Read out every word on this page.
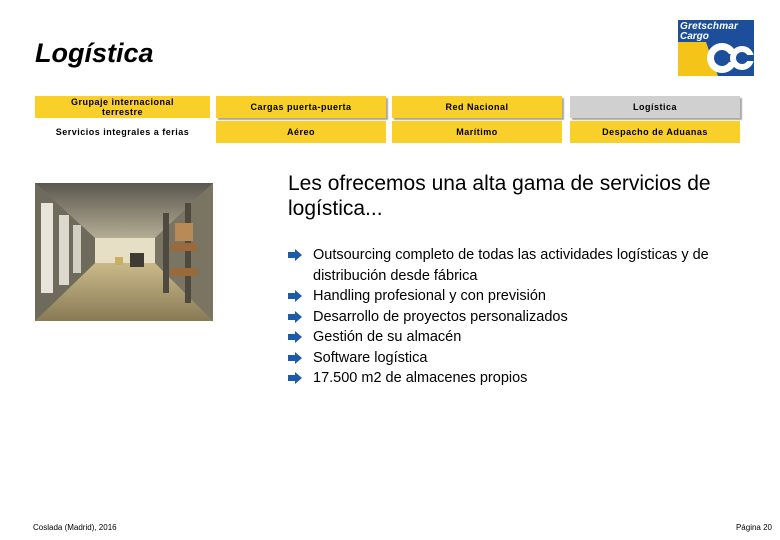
Logística
Gretschmar
Cargo
Grupaje internacional terrestre	Cargas puerta-puerta	Red Nacional	Logística
Servicios integrales a ferias	Aéreo	Marítimo	Despacho de Aduanas
Les ofrecemos una alta gama de servicios de logística...
Outsourcing completo de todas las actividades logísticas y de distribución desde fábrica
Handling profesional y con previsión
Desarrollo de proyectos personalizados
Gestión de su almacén
Software logística
17.500 m2 de almacenes propios
Coslada (Madrid), 2016	Página 20
